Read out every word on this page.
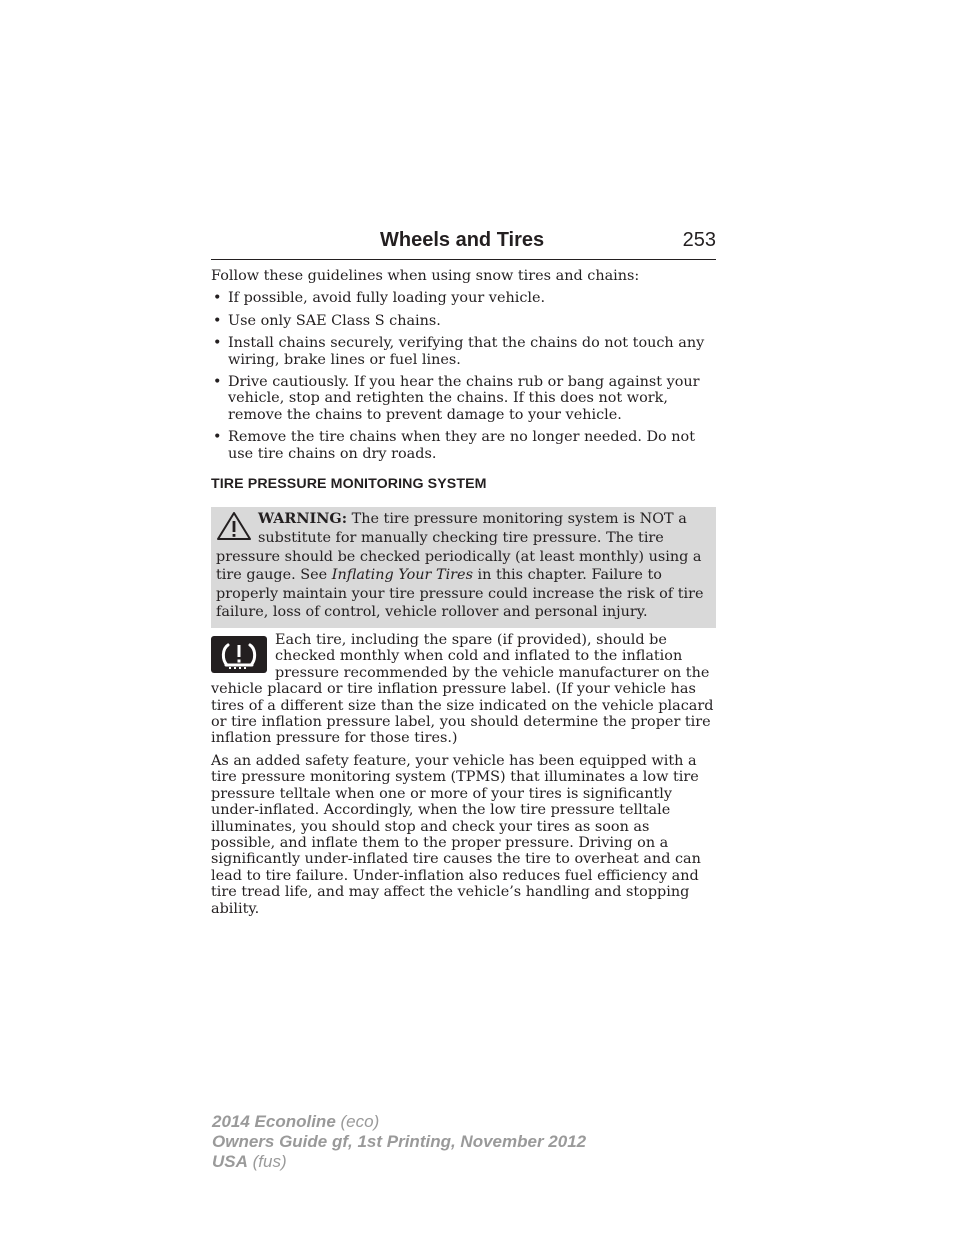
Wheels and Tires	253

Follow these guidelines when using snow tires and chains:

• If possible, avoid fully loading your vehicle.
• Use only SAE Class S chains.
• Install chains securely, verifying that the chains do not touch any wiring, brake lines or fuel lines.
• Drive cautiously. If you hear the chains rub or bang against your vehicle, stop and retighten the chains. If this does not work, remove the chains to prevent damage to your vehicle.
• Remove the tire chains when they are no longer needed. Do not use tire chains on dry roads.
TIRE PRESSURE MONITORING SYSTEM
WARNING: The tire pressure monitoring system is NOT a substitute for manually checking tire pressure. The tire pressure should be checked periodically (at least monthly) using a tire gauge. See Inflating Your Tires in this chapter. Failure to properly maintain your tire pressure could increase the risk of tire failure, loss of control, vehicle rollover and personal injury.

Each tire, including the spare (if provided), should be checked monthly when cold and inflated to the inflation pressure recommended by the vehicle manufacturer on the vehicle placard or tire inflation pressure label. (If your vehicle has tires of a different size than the size indicated on the vehicle placard or tire inflation pressure label, you should determine the proper tire inflation pressure for those tires.)

As an added safety feature, your vehicle has been equipped with a tire pressure monitoring system (TPMS) that illuminates a low tire pressure telltale when one or more of your tires is significantly under-inflated. Accordingly, when the low tire pressure telltale illuminates, you should stop and check your tires as soon as possible, and inflate them to the proper pressure. Driving on a significantly under-inflated tire causes the tire to overheat and can lead to tire failure. Under-inflation also reduces fuel efficiency and tire tread life, and may affect the vehicle’s handling and stopping ability.

2014 Econoline (eco)
Owners Guide gf, 1st Printing, November 2012
USA (fus)
